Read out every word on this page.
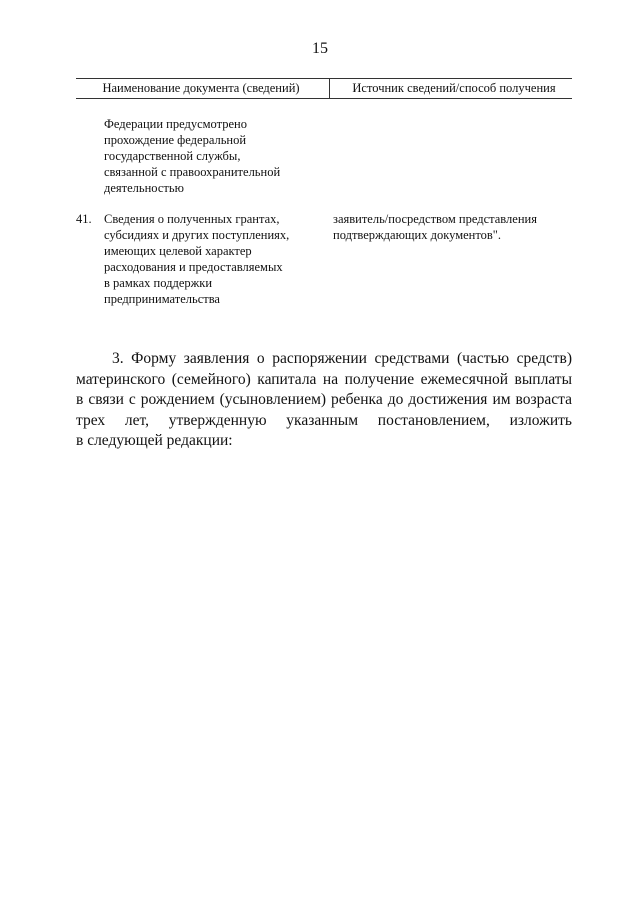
15
Наименование документа (сведений)	Источник сведений/способ получения
Федерации предусмотрено
прохождение федеральной
государственной службы,
связанной с правоохранительной
деятельностью
41. Сведения о полученных грантах,
субсидиях и других поступлениях,
имеющих целевой характер
расходования и предоставляемых
в рамках поддержки
предпринимательства
заявитель/посредством представления
подтверждающих документов".
3. Форму заявления о распоряжении средствами (частью средств)
материнского (семейного) капитала на получение ежемесячной выплаты
в связи с рождением (усыновлением) ребенка до достижения им возраста
трех лет, утвержденную указанным постановлением, изложить
в следующей редакции:
